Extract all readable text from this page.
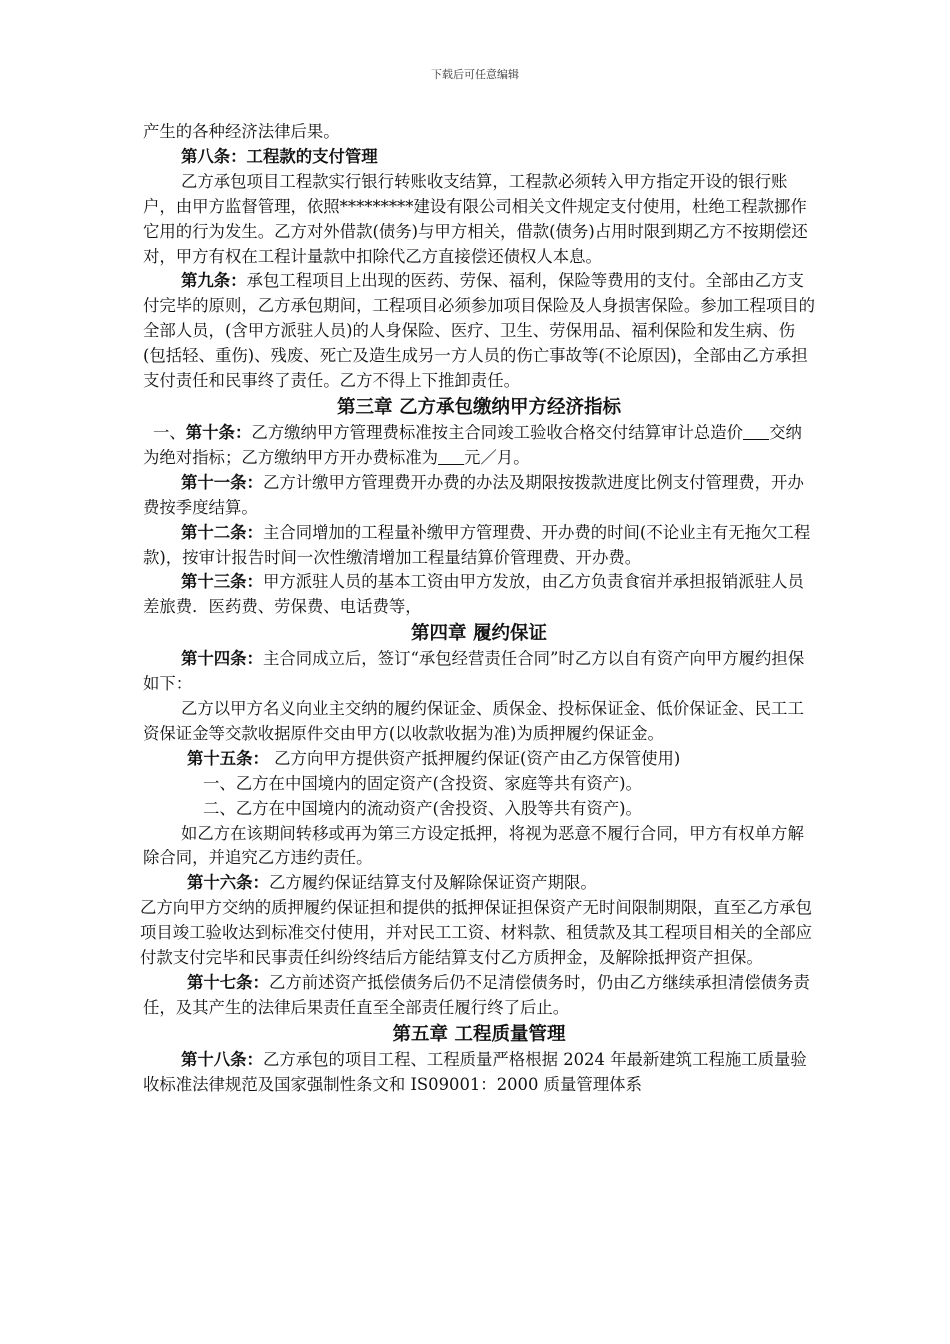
下载后可任意编辑

产生的各种经济法律后果。

第八条：工程款的支付管理

乙方承包项目工程款实行银行转账收支结算，工程款必须转入甲方指定开设的银行账户，由甲方监督管理，依照*********建设有限公司相关文件规定支付使用，杜绝工程款挪作它用的行为发生。乙方对外借款(债务)与甲方相关，借款(债务)占用时限到期乙方不按期偿还对，甲方有权在工程计量款中扣除代乙方直接偿还债权人本息。

第九条：承包工程项目上出现的医药、劳保、福利，保险等费用的支付。全部由乙方支付完毕的原则，乙方承包期间，工程项目必须参加项目保险及人身损害保险。参加工程项目的全部人员，(含甲方派驻人员)的人身保险、医疗、卫生、劳保用品、福利保险和发生病、伤(包括轻、重伤)、残废、死亡及造生成另一方人员的伤亡事故等(不论原因)，全部由乙方承担支付责任和民事终了责任。乙方不得上下推卸责任。

第三章 乙方承包缴纳甲方经济指标

一、第十条：乙方缴纳甲方管理费标准按主合同竣工验收合格交付结算审计总造价 交纳为绝对指标；乙方缴纳甲方开办费标准为 元／月。

第十一条：乙方计缴甲方管理费开办费的办法及期限按拨款进度比例支付管理费，开办费按季度结算。

第十二条：主合同增加的工程量补缴甲方管理费、开办费的时间(不论业主有无拖欠工程款)，按审计报告时间一次性缴清增加工程量结算价管理费、开办费。

第十三条：甲方派驻人员的基本工资由甲方发放，由乙方负责食宿并承担报销派驻人员差旅费．医药费、劳保费、电话费等，

第四章 履约保证

第十四条：主合同成立后，签订“承包经营责任合同”时乙方以自有资产向甲方履约担保如下：

乙方以甲方名义向业主交纳的履约保证金、质保金、投标保证金、低价保证金、民工工资保证金等交款收据原件交由甲方(以收款收据为准)为质押履约保证金。

第十五条： 乙方向甲方提供资产抵押履约保证(资产由乙方保管使用)

一、乙方在中国境内的固定资产(含投资、家庭等共有资产)。

二、乙方在中国境内的流动资产(舍投资、入股等共有资产)。

如乙方在该期间转移或再为第三方设定抵押，将视为恶意不履行合同，甲方有权单方解除合同，并追究乙方违约责任。

第十六条：乙方履约保证结算支付及解除保证资产期限。

乙方向甲方交纳的质押履约保证担和提供的抵押保证担保资产无时间限制期限，直至乙方承包项目竣工验收达到标准交付使用，并对民工工资、材料款、租赁款及其工程项目相关的全部应付款支付完毕和民事责任纠纷终结后方能结算支付乙方质押金，及解除抵押资产担保。

第十七条：乙方前述资产抵偿债务后仍不足清偿债务时，仍由乙方继续承担清偿债务责任，及其产生的法律后果责任直至全部责任履行终了后止。

第五章 工程质量管理

第十八条：乙方承包的项目工程、工程质量严格根据 2024 年最新建筑工程施工质量验收标准法律规范及国家强制性条文和 IS09001：2000 质量管理体系
